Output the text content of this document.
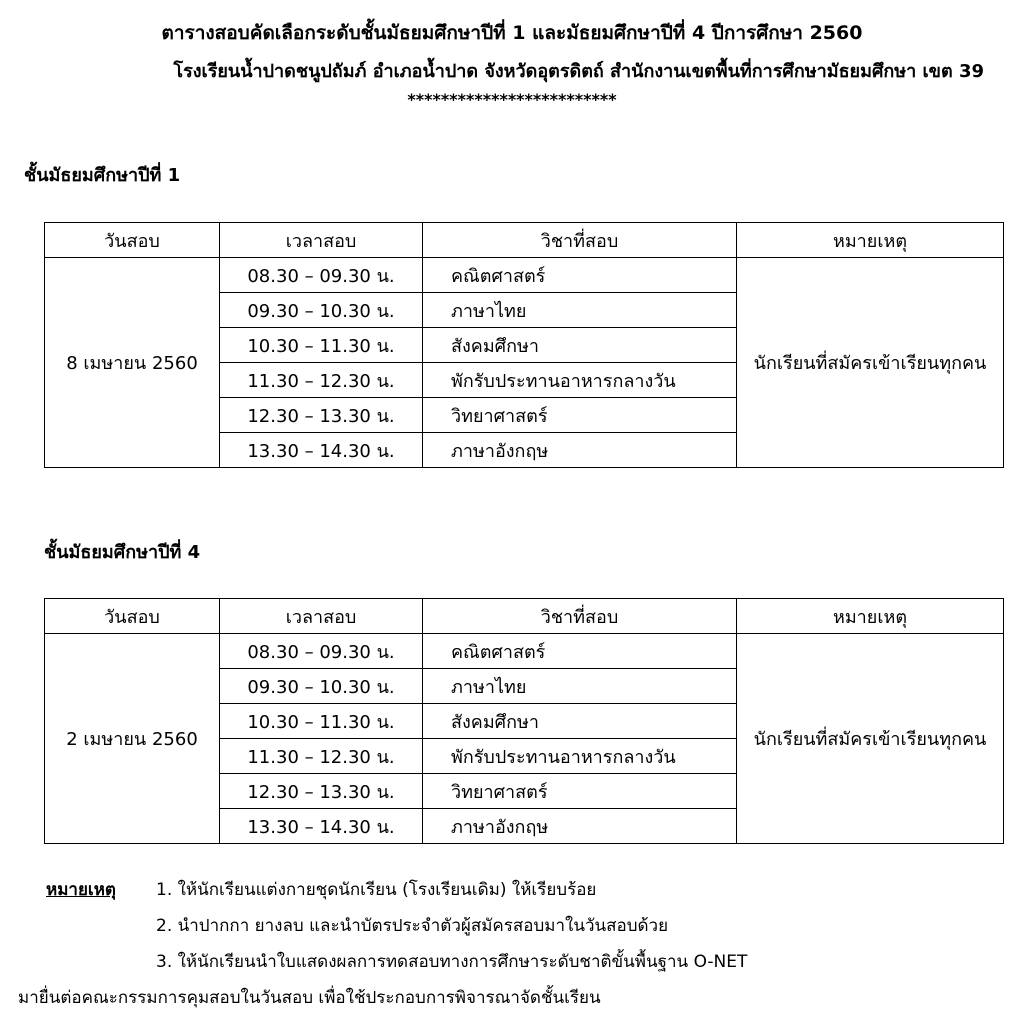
ตารางสอบคัดเลือกระดับชั้นมัธยมศึกษาปีที่ 1 และมัธยมศึกษาปีที่ 4 ปีการศึกษา 2560
โรงเรียนน้ำปาดชนูปถัมภ์ อำเภอน้ำปาด จังหวัดอุตรดิตถ์ สำนักงานเขตพื้นที่การศึกษามัธยมศึกษา เขต 39
*************************
ชั้นมัธยมศึกษาปีที่ 1
วันสอบ	เวลาสอบ	วิชาที่สอบ	หมายเหตุ
8 เมษายน 2560	08.30 – 09.30 น.	คณิตศาสตร์	นักเรียนที่สมัครเข้าเรียนทุกคน
	09.30 – 10.30 น.	ภาษาไทย	
	10.30 – 11.30 น.	สังคมศึกษา	
	11.30 – 12.30 น.	พักรับประทานอาหารกลางวัน	
	12.30 – 13.30 น.	วิทยาศาสตร์	
	13.30 – 14.30 น.	ภาษาอังกฤษ	
ชั้นมัธยมศึกษาปีที่ 4
วันสอบ	เวลาสอบ	วิชาที่สอบ	หมายเหตุ
2 เมษายน 2560	08.30 – 09.30 น.	คณิตศาสตร์	นักเรียนที่สมัครเข้าเรียนทุกคน
	09.30 – 10.30 น.	ภาษาไทย	
	10.30 – 11.30 น.	สังคมศึกษา	
	11.30 – 12.30 น.	พักรับประทานอาหารกลางวัน	
	12.30 – 13.30 น.	วิทยาศาสตร์	
	13.30 – 14.30 น.	ภาษาอังกฤษ	
หมายเหตุ 1. ให้นักเรียนแต่งกายชุดนักเรียน (โรงเรียนเดิม) ให้เรียบร้อย
2. นำปากกา ยางลบ และนำบัตรประจำตัวผู้สมัครสอบมาในวันสอบด้วย
3. ให้นักเรียนนำใบแสดงผลการทดสอบทางการศึกษาระดับชาติขั้นพื้นฐาน O-NET
มายื่นต่อคณะกรรมการคุมสอบในวันสอบ เพื่อใช้ประกอบการพิจารณาจัดชั้นเรียน
